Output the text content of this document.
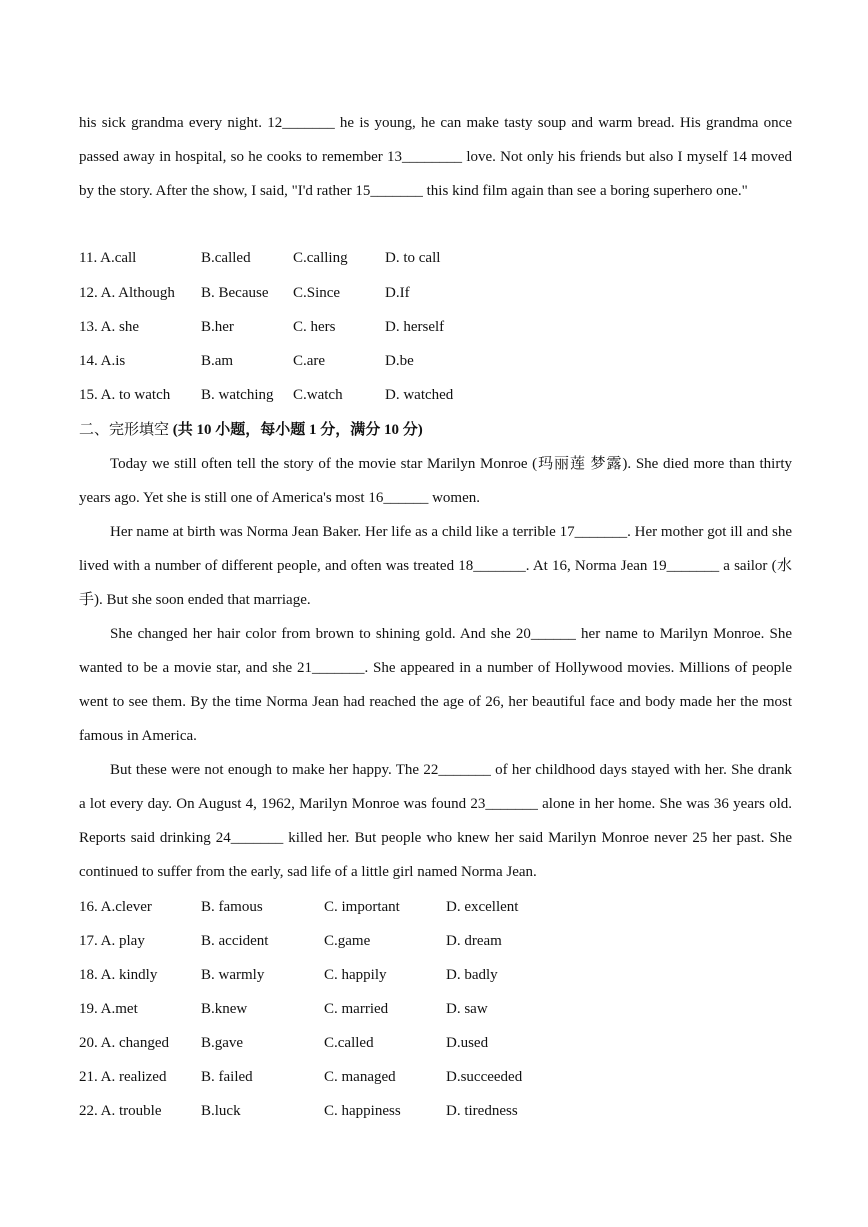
his sick grandma every night. 12_______ he is young, he can make tasty soup and warm bread. His grandma once passed away in hospital, so he cooks to remember 13________ love. Not only his friends but also I myself 14 moved by the story. After the show, I said, "I'd rather 15_______ this kind film again than see a boring superhero one."

11. A.call	B.called	C.calling D. to call
12. A. Although B. Because C.Since	D.If
13. A. she	B.her	C. hers	D. herself
14. A.is	B.am	C.are	D.be
15. A. to watch B. watching C.watch	D. watched
二、完形填空 (共 10 小题，每小题 1 分，满分 10 分)

Today we still often tell the story of the movie star Marilyn Monroe (玛丽莲 梦露). She died more than thirty years ago. Yet she is still one of America's most 16______ women.

Her name at birth was Norma Jean Baker. Her life as a child like a terrible 17_______. Her mother got ill and she lived with a number of different people, and often was treated 18_______. At 16, Norma Jean 19_______ a sailor (水手). But she soon ended that marriage.

She changed her hair color from brown to shining gold. And she 20______ her name to Marilyn Monroe. She wanted to be a movie star, and she 21_______. She appeared in a number of Hollywood movies. Millions of people went to see them. By the time Norma Jean had reached the age of 26, her beautiful face and body made her the most famous in America.

But these were not enough to make her happy. The 22_______ of her childhood days stayed with her. She drank a lot every day. On August 4, 1962, Marilyn Monroe was found 23_______ alone in her home. She was 36 years old. Reports said drinking 24_______ killed her. But people who knew her said Marilyn Monroe never 25 her past. She continued to suffer from the early, sad life of a little girl named Norma Jean.

16. A.clever	B. famous	C. important	D. excellent
17. A. play	B. accident	C.game	D. dream
18. A. kindly	B. warmly	C. happily	D. badly
19. A.met	B.knew	C. married	D. saw
20. A. changed B.gave	C.called	D.used
21. A. realized B. failed	C. managed	D.succeeded
22. A. trouble	B.luck	C. happiness	D. tiredness
